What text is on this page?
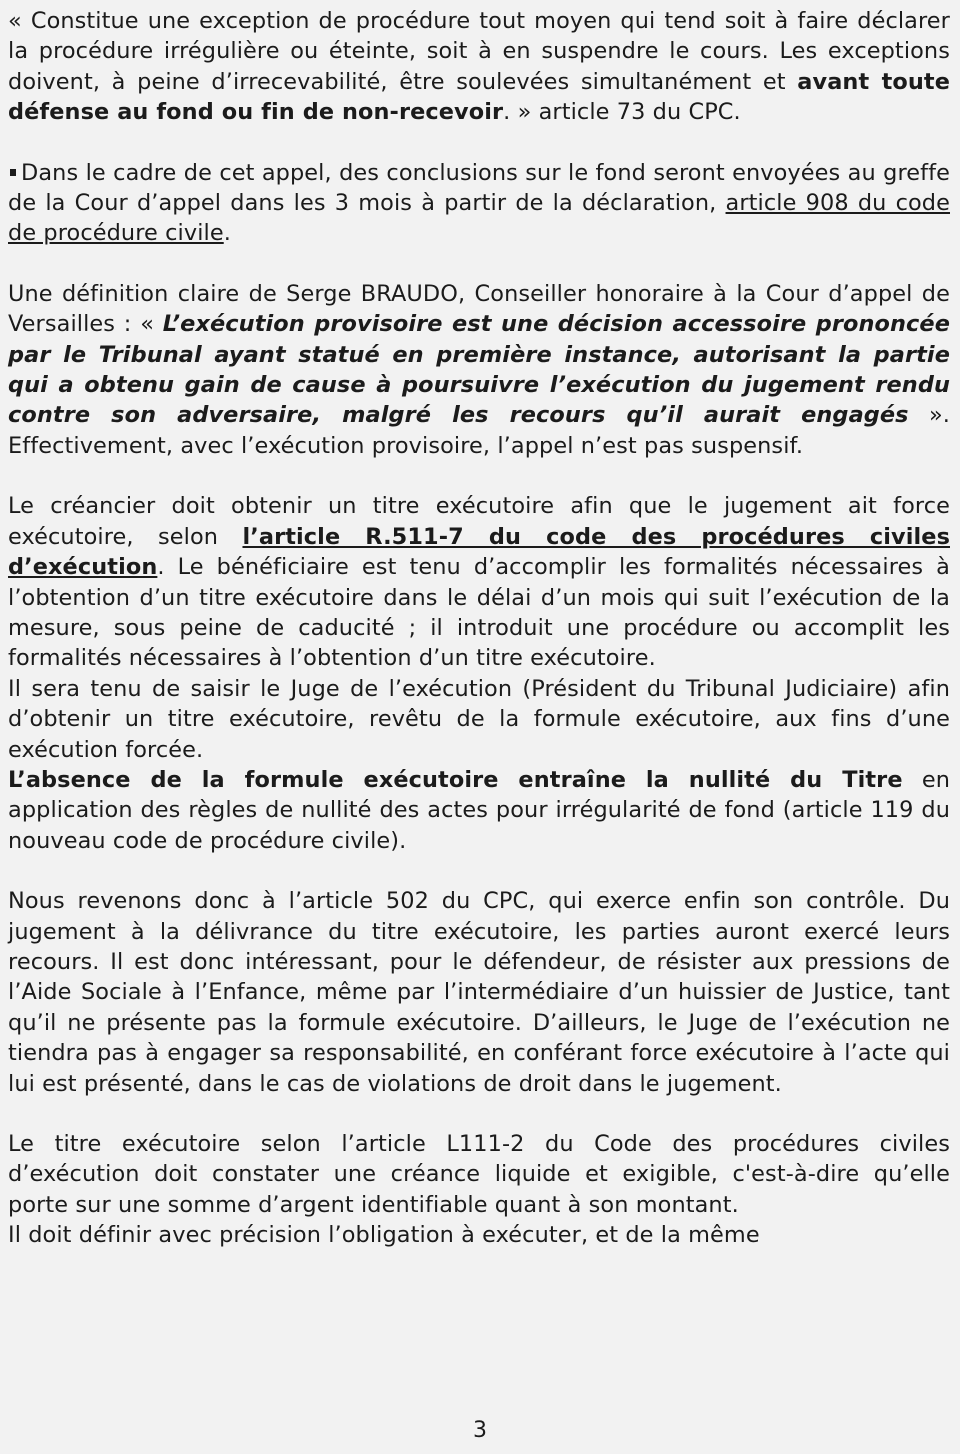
« Constitue une exception de procédure tout moyen qui tend soit à faire déclarer la procédure irrégulière ou éteinte, soit à en suspendre le cours. Les exceptions doivent, à peine d’irrecevabilité, être soulevées simultanément et avant toute défense au fond ou fin de non-recevoir. » article 73 du CPC.

Dans le cadre de cet appel, des conclusions sur le fond seront envoyées au greffe de la Cour d’appel dans les 3 mois à partir de la déclaration, article 908 du code de procédure civile.

Une définition claire de Serge BRAUDO, Conseiller honoraire à la Cour d’appel de Versailles : « L’exécution provisoire est une décision accessoire prononcée par le Tribunal ayant statué en première instance, autorisant la partie qui a obtenu gain de cause à poursuivre l’exécution du jugement rendu contre son adversaire, malgré les recours qu’il aurait engagés ». Effectivement, avec l’exécution provisoire, l’appel n’est pas suspensif.

Le créancier doit obtenir un titre exécutoire afin que le jugement ait force exécutoire, selon l’article R.511-7 du code des procédures civiles d’exécution. Le bénéficiaire est tenu d’accomplir les formalités nécessaires à l’obtention d’un titre exécutoire dans le délai d’un mois qui suit l’exécution de la mesure, sous peine de caducité ; il introduit une procédure ou accomplit les formalités nécessaires à l’obtention d’un titre exécutoire.

Il sera tenu de saisir le Juge de l’exécution (Président du Tribunal Judiciaire) afin d’obtenir un titre exécutoire, revêtu de la formule exécutoire, aux fins d’une exécution forcée.

L’absence de la formule exécutoire entraîne la nullité du Titre en application des règles de nullité des actes pour irrégularité de fond (article 119 du nouveau code de procédure civile).

Nous revenons donc à l’article 502 du CPC, qui exerce enfin son contrôle. Du jugement à la délivrance du titre exécutoire, les parties auront exercé leurs recours. Il est donc intéressant, pour le défendeur, de résister aux pressions de l’Aide Sociale à l’Enfance, même par l’intermédiaire d’un huissier de Justice, tant qu’il ne présente pas la formule exécutoire. D’ailleurs, le Juge de l’exécution ne tiendra pas à engager sa responsabilité, en conférant force exécutoire à l’acte qui lui est présenté, dans le cas de violations de droit dans le jugement.

Le titre exécutoire selon l’article L111-2 du Code des procédures civiles d’exécution doit constater une créance liquide et exigible, c'est-à-dire qu’elle porte sur une somme d’argent identifiable quant à son montant.

Il doit définir avec précision l’obligation à exécuter, et de la même

3
